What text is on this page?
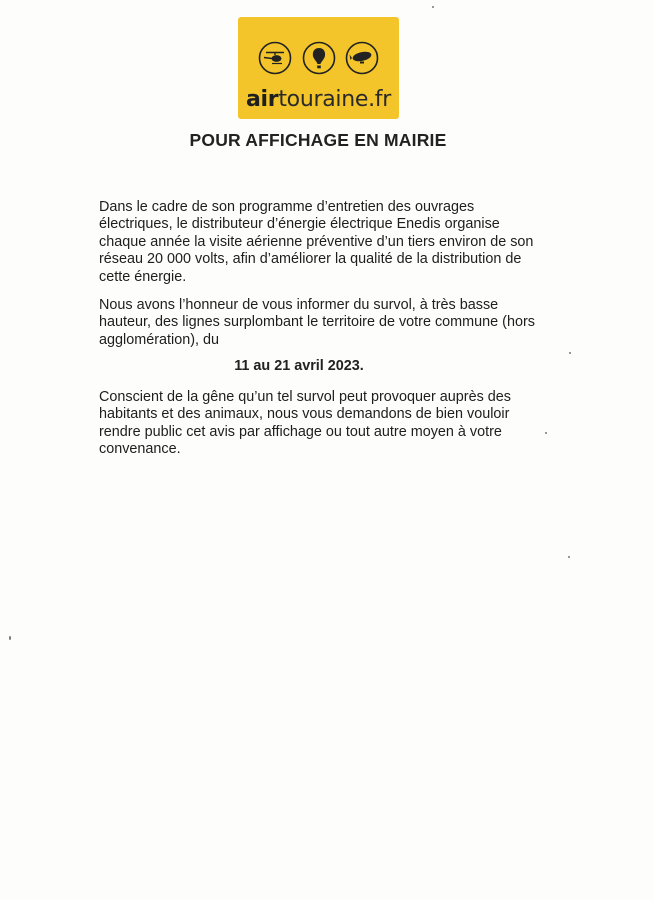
airtouraine.fr
POUR AFFICHAGE EN MAIRIE

Dans le cadre de son programme d’entretien des ouvrages électriques, le distributeur d’énergie électrique Enedis organise chaque année la visite aérienne préventive d’un tiers environ de son réseau 20 000 volts, afin d’améliorer la qualité de la distribution de cette énergie.

Nous avons l’honneur de vous informer du survol, à très basse hauteur, des lignes surplombant le territoire de votre commune (hors agglomération), du

11 au 21 avril 2023.

Conscient de la gêne qu’un tel survol peut provoquer auprès des habitants et des animaux, nous vous demandons de bien vouloir rendre public cet avis par affichage ou tout autre moyen à votre convenance.
